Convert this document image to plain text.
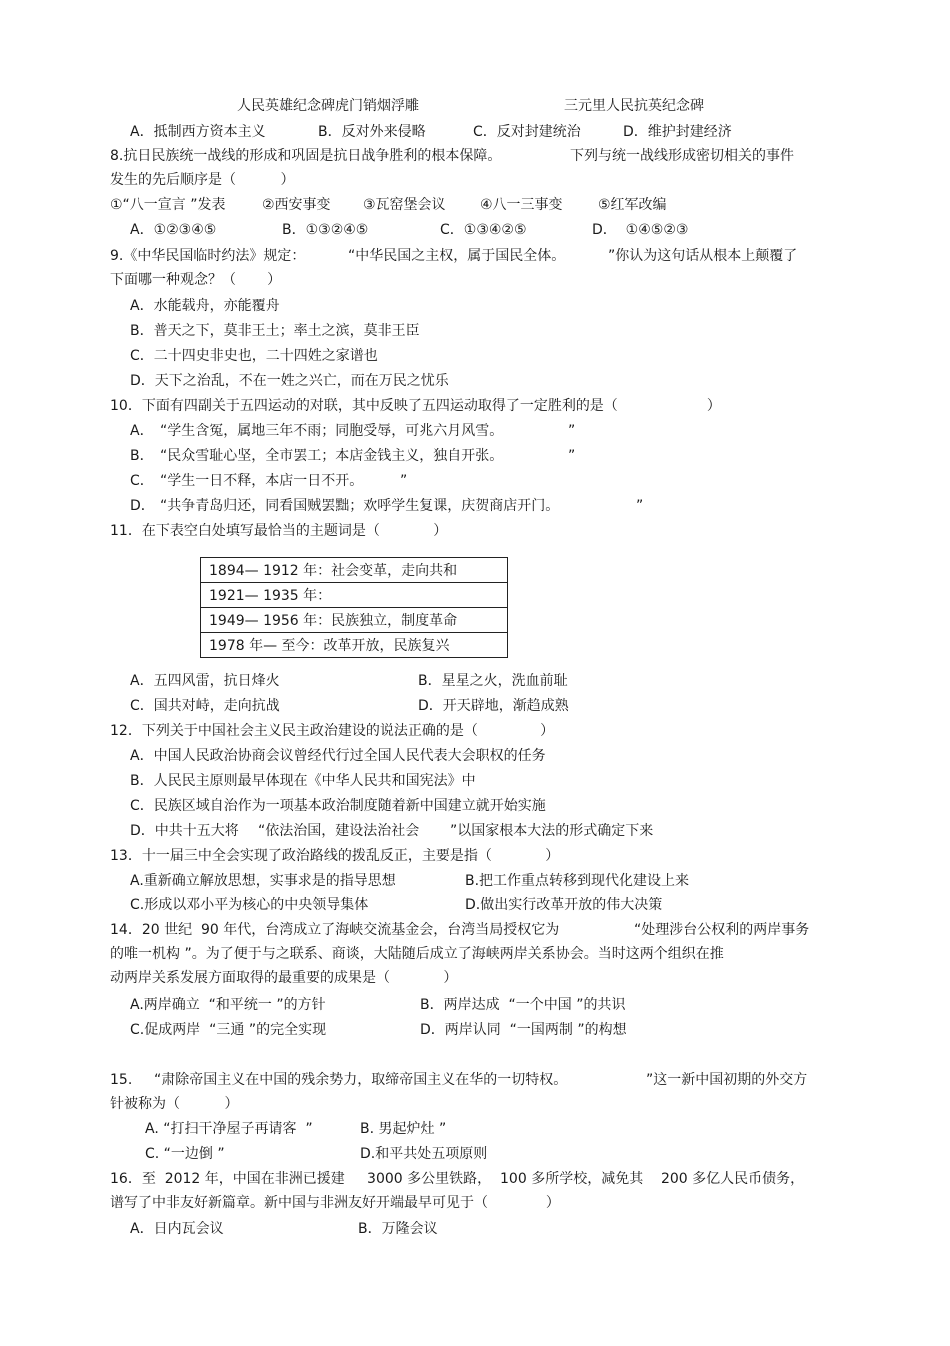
人民英雄纪念碑虎门销烟浮雕	三元里人民抗英纪念碑
A．抵制西方资本主义	B．反对外来侵略	C．反对封建统治	D．维护封建经济
8.抗日民族统一战线的形成和巩固是抗日战争胜利的根本保障。	下列与统一战线形成密切相关的事件
发生的先后顺序是（          ）
①“八一宣言 ”发表	②西安事变 ③瓦窑堡会议 ④八一三事变	⑤红军改编
A．①②③④⑤	B．①③②④⑤	C．①③④②⑤	D．  ①④⑤②③
9.《中华民国临时约法》规定：	“中华民国之主权，属于国民全体。	”你认为这句话从根本上颠覆了
下面哪一种观念？（       ）
A．水能载舟，亦能覆舟
B．普天之下，莫非王土；率土之滨，莫非王臣
C．二十四史非史也，二十四姓之家谱也
D．天下之治乱，不在一姓之兴亡，而在万民之忧乐
10．下面有四副关于五四运动的对联，其中反映了五四运动取得了一定胜利的是（                    ）
A． “学生含冤，属地三年不雨；同胞受辱，可兆六月风雪。	”
B． “民众雪耻心坚，全市罢工；本店金钱主义，独自开张。	”
C． “学生一日不释，本店一日不开。	”
D． “共争青岛归还，同看国贼罢黜；欢呼学生复课，庆贺商店开门。	”
11．在下表空白处填写最恰当的主题词是（            ）
1894— 1912 年：社会变革，走向共和
1921— 1935 年：
1949— 1956 年：民族独立，制度革命
1978 年— 至今：改革开放，民族复兴
A．五四风雷，抗日烽火	B．星星之火，洗血前耻
C．国共对峙，走向抗战	D．开天辟地，渐趋成熟
12．下列关于中国社会主义民主政治建设的说法正确的是（              ）
A．中国人民政治协商会议曾经代行过全国人民代表大会职权的任务
B．人民民主原则最早体现在《中华人民共和国宪法》中
C．民族区域自治作为一项基本政治制度随着新中国建立就开始实施
D．中共十五大将 “依法治国，建设法治社会 ”以国家根本大法的形式确定下来
13．十一届三中全会实现了政治路线的拨乱反正，主要是指（            ）
A.重新确立解放思想，实事求是的指导思想	B.把工作重点转移到现代化建设上来
C.形成以邓小平为核心的中央领导集体	D.做出实行改革开放的伟大决策
14．20 世纪  90 年代，台湾成立了海峡交流基金会，台湾当局授权它为	“处理涉台公权利的两岸事务
的唯一机构 ”。为了便于与之联系、商谈，大陆随后成立了海峡两岸关系协会。当时这两个组织在推
动两岸关系发展方面取得的最重要的成果是（            ）
A.两岸确立  “和平统一 ”的方针	B．两岸达成  “一个中国 ”的共识
C.促成两岸  “三通 ”的完全实现	D．两岸认同  “一国两制 ”的构想
15. “肃除帝国主义在中国的残余势力，取缔帝国主义在华的一切特权。	”这一新中国初期的外交方
针被称为（          ）
A. “打扫干净屋子再请客  ”	B. 男起炉灶 ”
C. “一边倒 ”	D.和平共处五项原则
16．至  2012 年，中国在非洲已援建     3000 多公里铁路，  100 多所学校，减免其    200 多亿人民币债务，
谱写了中非友好新篇章。新中国与非洲友好开端最早可见于（             ）
A．日内瓦会议	B．万隆会议
